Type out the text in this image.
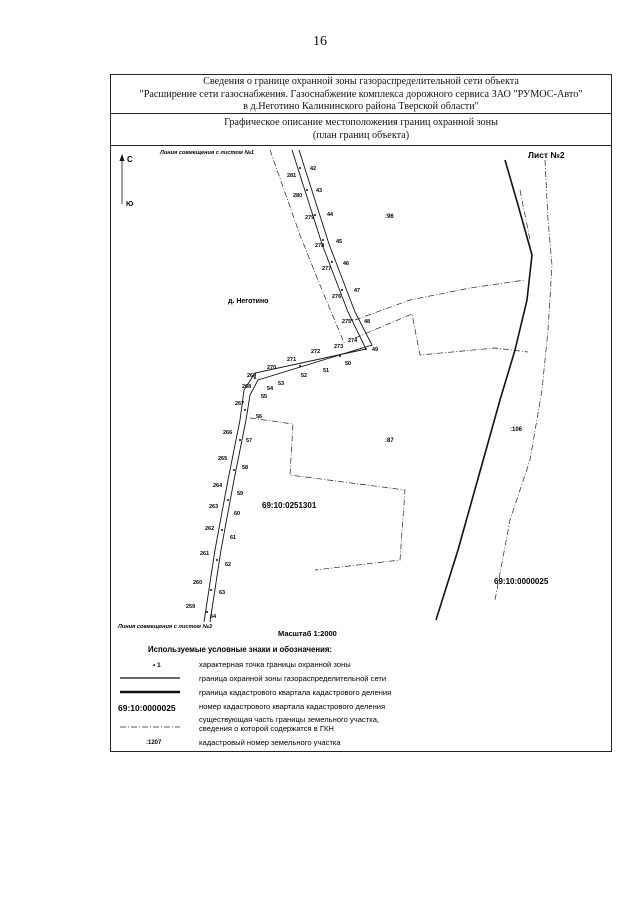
16
Сведения о границе охранной зоны газораспределительной сети объекта
"Расширение сети газоснабжения. Газоснабжение комплекса дорожного сервиса ЗАО "РУМОС-Авто"
в д.Неготино Калининского района Тверской области"
Графическое описание местоположения границ охранной зоны
(план границ объекта)
С
Ю
Линия совмещения с листом №1
Линия совмещения с листом №3
Лист №2
д. Неготино
:96
:87
:106
69:10:0251301
69:10:0000025
Масштаб 1:2000
42
43
44
45
46
47
48
49
50
51
52
53
54
55
56
57
58
59
60
61
62
63
64
281
280
279
278
277
276
275
274
273
272
271
270
269
268
267
266
265
264
263
262
261
260
259
Используемые условные знаки и обозначения:
• 1	характерная точка границы охранной зоны
граница охранной зоны газораспределительной сети
граница кадастрового квартала кадастрового деления
69:10:0000025	номер кадастрового квартала кадастрового деления
существующая часть границы земельного участка, сведения о которой содержатся в ГКН
:1207	кадастровый номер земельного участка
